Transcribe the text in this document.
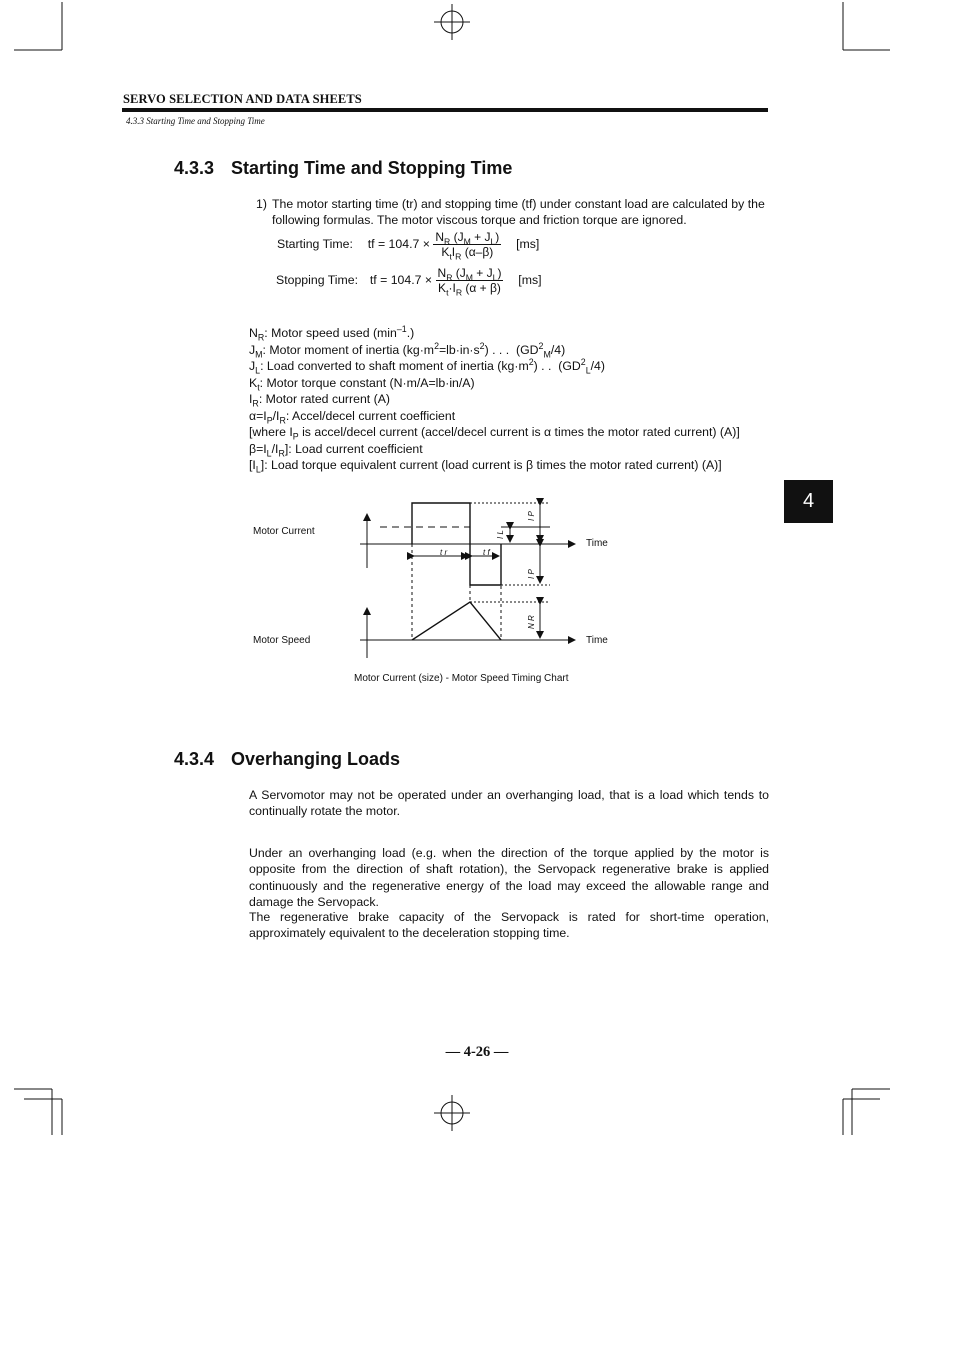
SERVO SELECTION AND DATA SHEETS
4.3.3 Starting Time and Stopping Time
4.3.3 Starting Time and Stopping Time
1) The motor starting time (tr) and stopping time (tf) under constant load are calculated by the following formulas. The motor viscous torque and friction torque are ignored.
Starting Time: tf = $104.7 \times \frac{N_R (J_M + J_L)}{K_tI_R (\alpha-\beta)} [ms]$
Stopping Time: tf = $104.7 \times \frac{N_R (J_M + J_L)}{K_t\cdot I_R (\alpha + \beta)} [ms]$
$N_R$: Motor speed used $(\min^{-1}.)$
$J_M$: Motor moment of inertia $(kg\cdot m^2=lb\cdot in\cdot s^2)$ . . .  $(GD^2_M/4)$
$J_L$: Load converted to shaft moment of inertia $(kg\cdot m^2)$ . .  $(GD^2_L/4)$
$K_t$: Motor torque constant (N·m/A=lb·in/A)
$I_R$: Motor rated current (A)
$\alpha=I_P/I_R$: Accel/decel current coefficient
[where $I_P$ is accel/decel current (accel/decel current is α times the motor rated current) (A)]
$\beta=I_L/I_R$]: Load current coefficient
$[I_L]$: Load torque equivalent current (load current is β times the motor rated current) (A)]
4
Motor Current
Motor Speed
Time
Time
t r	t f
I P
I P
I L
N R
Motor Current (size) - Motor Speed Timing Chart
4.3.4 Overhanging Loads
A Servomotor may not be operated under an overhanging load, that is a load which tends to continually rotate the motor.
Under an overhanging load (e.g. when the direction of the torque applied by the motor is opposite from the direction of shaft rotation), the Servopack regenerative brake is applied continuously and the regenerative energy of the load may exceed the allowable range and damage the Servopack.
The regenerative brake capacity of the Servopack is rated for short-time operation, approximately equivalent to the deceleration stopping time.
— 4-26 —
